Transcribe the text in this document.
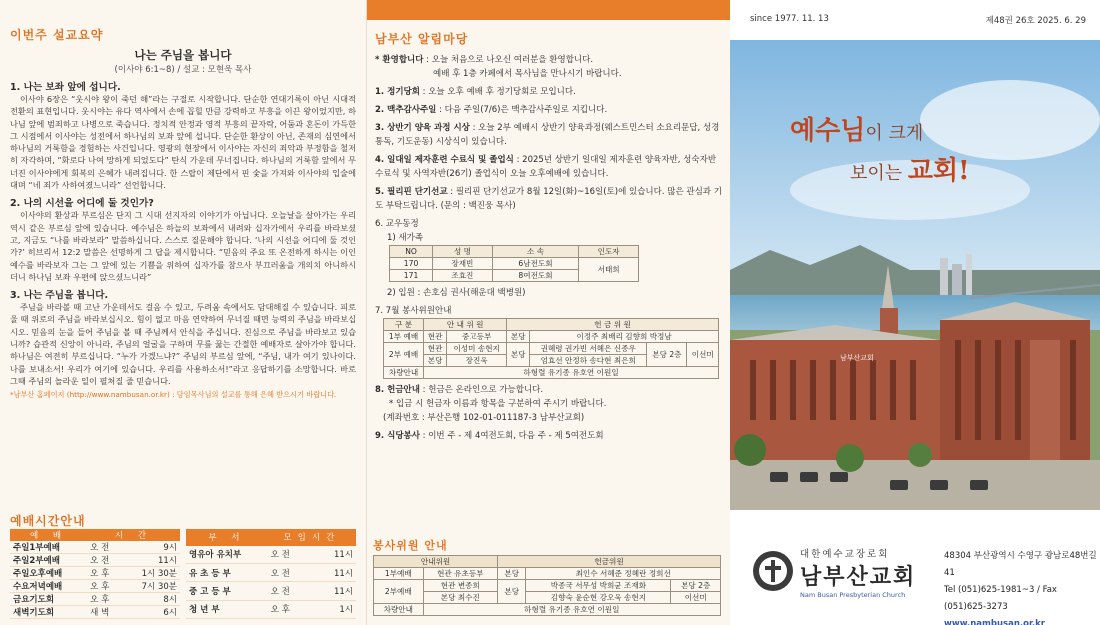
이번주 설교요약
나는 주님을 봅니다
(이사야 6:1~8) / 설교 : 모현욱 목사
1. 나는 보좌 앞에 섭니다.
이사야 6장은 “웃시야 왕이 죽던 해”라는 구절로 시작합니다. 단순한 연대기록이 아닌 시대적 전환의 표현입니다. 웃시야는 유다 역사에서 손에 꼽힐 만큼 강력하고 부흥을 이끈 왕이었지만, 하나님 앞에 범죄하고 나병으로 죽습니다. 정치적 안정과 영적 부흥의 끝자락, 어둠과 혼돈이 가득한 그 시점에서 이사야는 성전에서 하나님의 보좌 앞에 섭니다. 단순한 환상이 아닌, 존재의 심연에서 하나님의 거룩함을 경험하는 사건입니다. 영광의 현장에서 이사야는 자신의 죄악과 부정함을 철저히 자각하며, “화로다 나여 망하게 되었도다” 탄식 가운데 무너집니다. 하나님의 거룩함 앞에서 무너진 이사야에게 회복의 은혜가 내려집니다. 한 스랍이 제단에서 핀 숯을 가져와 이사야의 입술에 대며 “네 죄가 사하여졌느니라” 선언합니다.
2. 나의 시선을 어디에 둘 것인가?
이사야의 환상과 부르심은 단지 그 시대 선지자의 이야기가 아닙니다. 오늘날을 살아가는 우리 역시 같은 부르심 앞에 있습니다. 예수님은 하늘의 보좌에서 내려와 십자가에서 우리를 바라보셨고, 지금도 “나를 바라보라” 말씀하십니다. 스스로 질문해야 합니다. ‘나의 시선을 어디에 둘 것인가?’ 히브리서 12:2 말씀은 선명하게 그 답을 제시합니다. “믿음의 주요 또 온전하게 하시는 이인 예수를 바라보자 그는 그 앞에 있는 기쁨을 위하여 십자가를 참으사 부끄러움을 개의치 아니하시더니 하나님 보좌 우편에 앉으셨느니라”
3. 나는 주님을 봅니다.
주님을 바라볼 때 고난 가운데서도 걸음 수 있고, 두려움 속에서도 담대해질 수 있습니다. 피로울 때 위로의 주님을 바라보십시오. 힘이 없고 마음 연약하여 무너질 때면 능력의 주님을 바라보십시오. 믿음의 눈을 들어 주님을 볼 때 주님께서 안식을 주십니다. 진심으로 주님을 바라보고 있습니까? 습관적 신앙이 아니라, 주님의 얼굴을 구하며 무릎 꿇는 간절한 예배자로 살아가야 합니다. 하나님은 여전히 부르십니다. “누가 가겠느냐?” 주님의 부르심 앞에, “주님, 내가 여기 있나이다. 나를 보내소서! 우리가 여기에 있습니다. 우리를 사용하소서!”라고 응답하기를 소망합니다. 바로 그때 주님의 놀라운 일이 펼쳐질 줄 믿습니다.
*남부산 홈페이지 (http://www.nambusan.or.kr) : 담임목사님의 설교를 통해 은혜 받으시기 바랍니다.
예배시간안내
예 배	시 간	
주일1부예배	오 전	9시
주일2부예배	오 전	11시
주일오후예배	오 후	1시 30분
수요저녁예배	오 후	7시 30분
금요기도회	오 후	8시
새벽기도회	새 벽	6시
부 서	모임시간	
영유아 유치부	오 전	11시
유 초 등 부	오 전	11시
중 고 등 부	오 전	11시
청 년 부	오 후	1시
남부산 알림마당
* 환영합니다 : 오늘 처음으로 나오신 여러분을 환영합니다.
예배 후 1층 카페에서 목사님을 만나시기 바랍니다.
1. 정기당회 : 오늘 오후 예배 후 정기당회로 모입니다.
2. 맥추감사주일 : 다음 주일(7/6)은 맥추감사주일로 지킵니다.
3. 상반기 양육 과정 시상 : 오늘 2부 예배시 상반기 양육과정(웨스트민스터 소요리문답, 성경통독, 기도운동) 시상식이 있습니다.
4. 일대일 제자훈련 수료식 및 졸업식 : 2025년 상반기 일대일 제자훈련 양육자반, 성숙자반 수료식 및 사역자반(26기) 졸업식이 오늘 오후예배에 있습니다.
5. 필리핀 단기선교 : 필리핀 단기선교가 8월 12일(화)~16일(토)에 있습니다. 많은 관심과 기도 부탁드립니다. (문의 : 백진웅 목사)
6. 교우동정
1) 새가족
NO	성 명	소 속	인도자
170	장재빈	6남전도회	서태희
171	조효진	8여전도회	
2) 입원 : 손호심 권사(해운대 백병원)
7. 7월 봉사위원안내
구 분	안 내 위 원		헌 금 위 원			
1부 예배	현관	중고등부	본당	이정주 최배리 김향희 박정남		
2부 예배	현관	이성미 송현지	본당	권혜령 권가빈 서혜은 신종우	본당 2층	이선미
	본당	장진욱		엄효선 안정하 송다현 최은희		
차량안내	하형렬 유기종 유호연 이원일					
8. 헌금안내 : 헌금은 온라인으로 가능합니다.
* 입금 시 헌금자 이름과 항목을 구분하여 주시기 바랍니다.
(계좌번호 : 부산은행 102-01-011187-3 남부산교회)
9. 식당봉사 : 이번 주 - 제 4여전도회, 다음 주 - 제 5여전도회
봉사위원 안내
안내위원		헌금위원		
1부예배	현관 유초등부	본당	최인수 서혜준 정혜란 정희선	
2부예배	현관 변종희	본당	박종국 서무성 박희균 조재화	본당 2층
	본당 최수진		김향숙 윤순현 강오욱 송현지	이선미
차량안내	하형렬 유기종 유호연 이원일			
since 1977. 11. 13	제48권 26호 2025. 6. 29
남부산교회
예수님이 크게
보이는 교회!
대한예수교장로회
남부산교회
Nam Busan Presbyterian Church
48304 부산광역시 수영구 광남로48번길 41
Tel (051)625-1981~3 / Fax (051)625-3273
www.nambusan.or.kr
